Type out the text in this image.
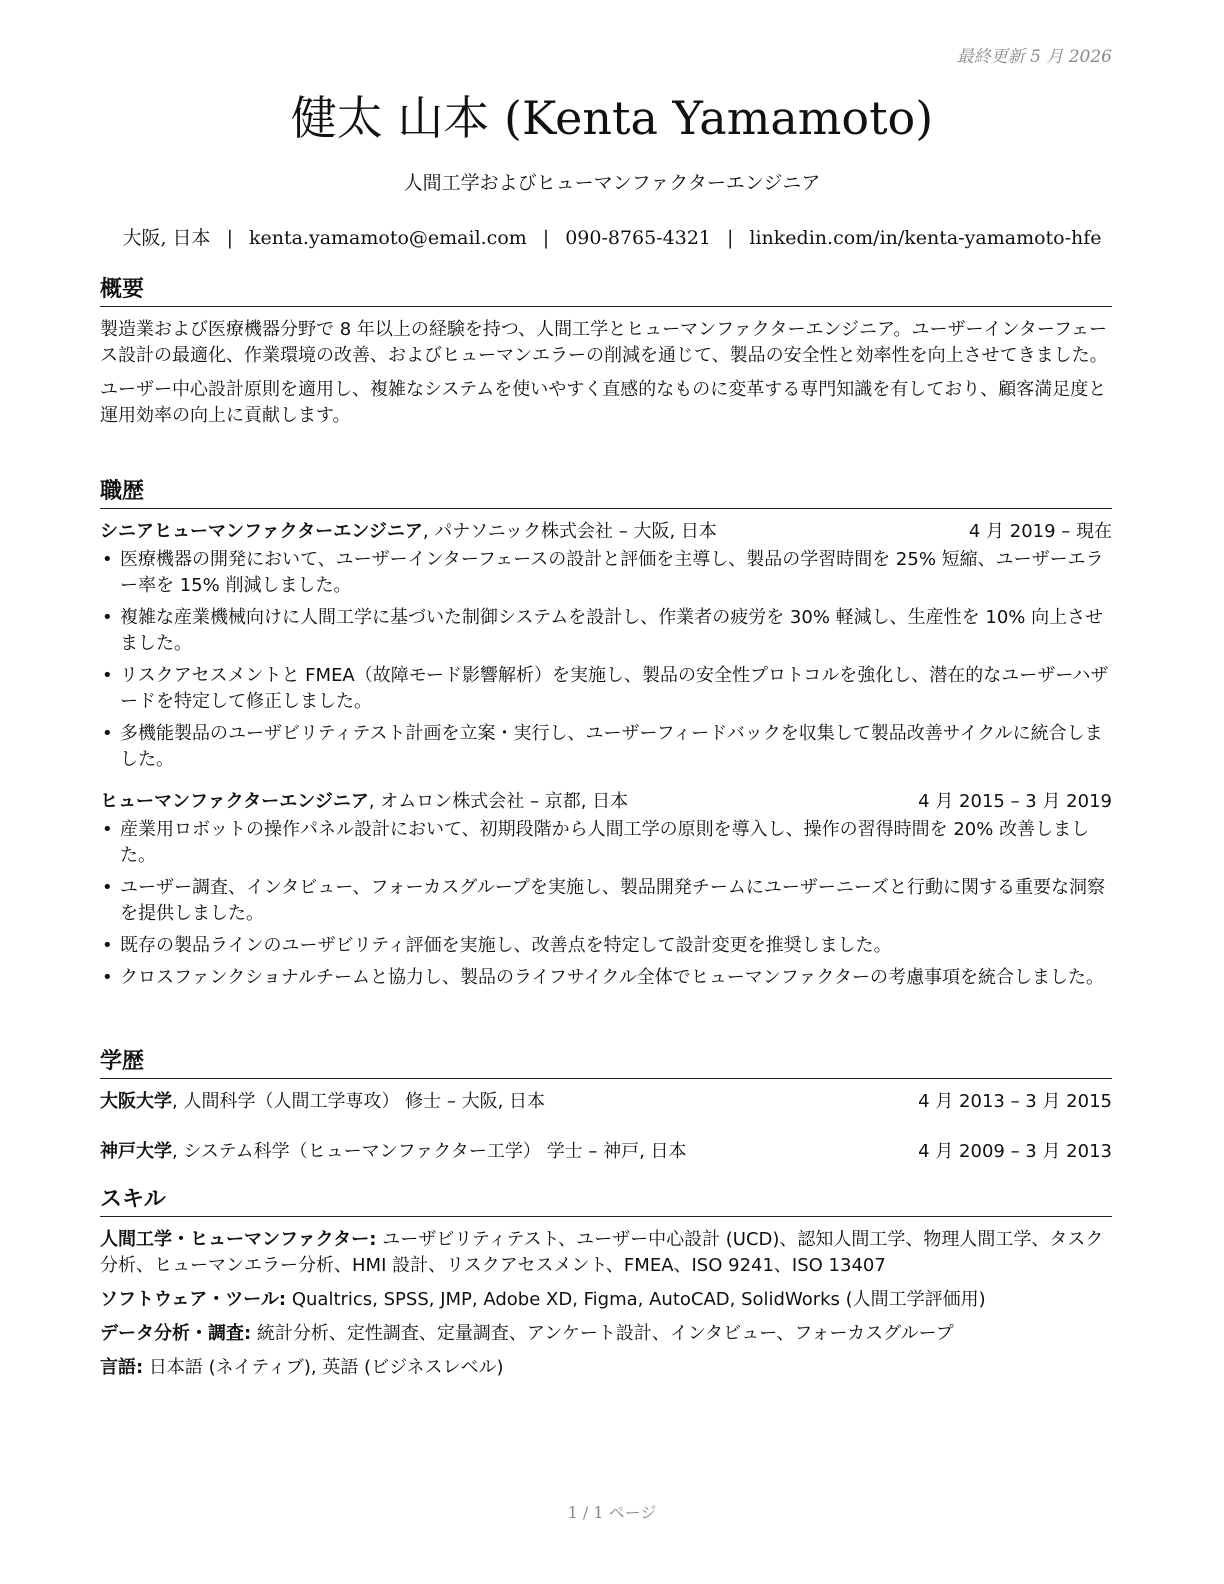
最終更新 5 月 2026
健太 山本 (Kenta Yamamoto)
人間工学およびヒューマンファクターエンジニア
大阪, 日本 | kenta.yamamoto@email.com | 090-8765-4321 | linkedin.com/in/kenta-yamamoto-hfe
概要

製造業および医療機器分野で 8 年以上の経験を持つ、人間工学とヒューマンファクターエンジニア。ユーザーインターフェース設計の最適化、作業環境の改善、およびヒューマンエラーの削減を通じて、製品の安全性と効率性を向上させてきました。

ユーザー中心設計原則を適用し、複雑なシステムを使いやすく直感的なものに変革する専門知識を有しており、顧客満足度と運用効率の向上に貢献します。

職歴
シニアヒューマンファクターエンジニア, パナソニック株式会社 – 大阪, 日本	4 月 2019 – 現在
• 医療機器の開発において、ユーザーインターフェースの設計と評価を主導し、製品の学習時間を 25% 短縮、ユーザーエラー率を 15% 削減しました。
• 複雑な産業機械向けに人間工学に基づいた制御システムを設計し、作業者の疲労を 30% 軽減し、生産性を 10% 向上させました。
• リスクアセスメントと FMEA（故障モード影響解析）を実施し、製品の安全性プロトコルを強化し、潜在的なユーザーハザードを特定して修正しました。
• 多機能製品のユーザビリティテスト計画を立案・実行し、ユーザーフィードバックを収集して製品改善サイクルに統合しました。
ヒューマンファクターエンジニア, オムロン株式会社 – 京都, 日本	4 月 2015 – 3 月 2019
• 産業用ロボットの操作パネル設計において、初期段階から人間工学の原則を導入し、操作の習得時間を 20% 改善しました。
• ユーザー調査、インタビュー、フォーカスグループを実施し、製品開発チームにユーザーニーズと行動に関する重要な洞察を提供しました。
• 既存の製品ラインのユーザビリティ評価を実施し、改善点を特定して設計変更を推奨しました。
• クロスファンクショナルチームと協力し、製品のライフサイクル全体でヒューマンファクターの考慮事項を統合しました。
学歴
大阪大学, 人間科学（人間工学専攻） 修士 – 大阪, 日本	4 月 2013 – 3 月 2015
神戸大学, システム科学（ヒューマンファクター工学） 学士 – 神戸, 日本	4 月 2009 – 3 月 2013
スキル
人間工学・ヒューマンファクター: ユーザビリティテスト、ユーザー中心設計 (UCD)、認知人間工学、物理人間工学、タスク分析、ヒューマンエラー分析、HMI 設計、リスクアセスメント、FMEA、ISO 9241、ISO 13407
ソフトウェア・ツール: Qualtrics, SPSS, JMP, Adobe XD, Figma, AutoCAD, SolidWorks (人間工学評価用)
データ分析・調査: 統計分析、定性調査、定量調査、アンケート設計、インタビュー、フォーカスグループ
言語: 日本語 (ネイティブ), 英語 (ビジネスレベル)
1 / 1 ページ
